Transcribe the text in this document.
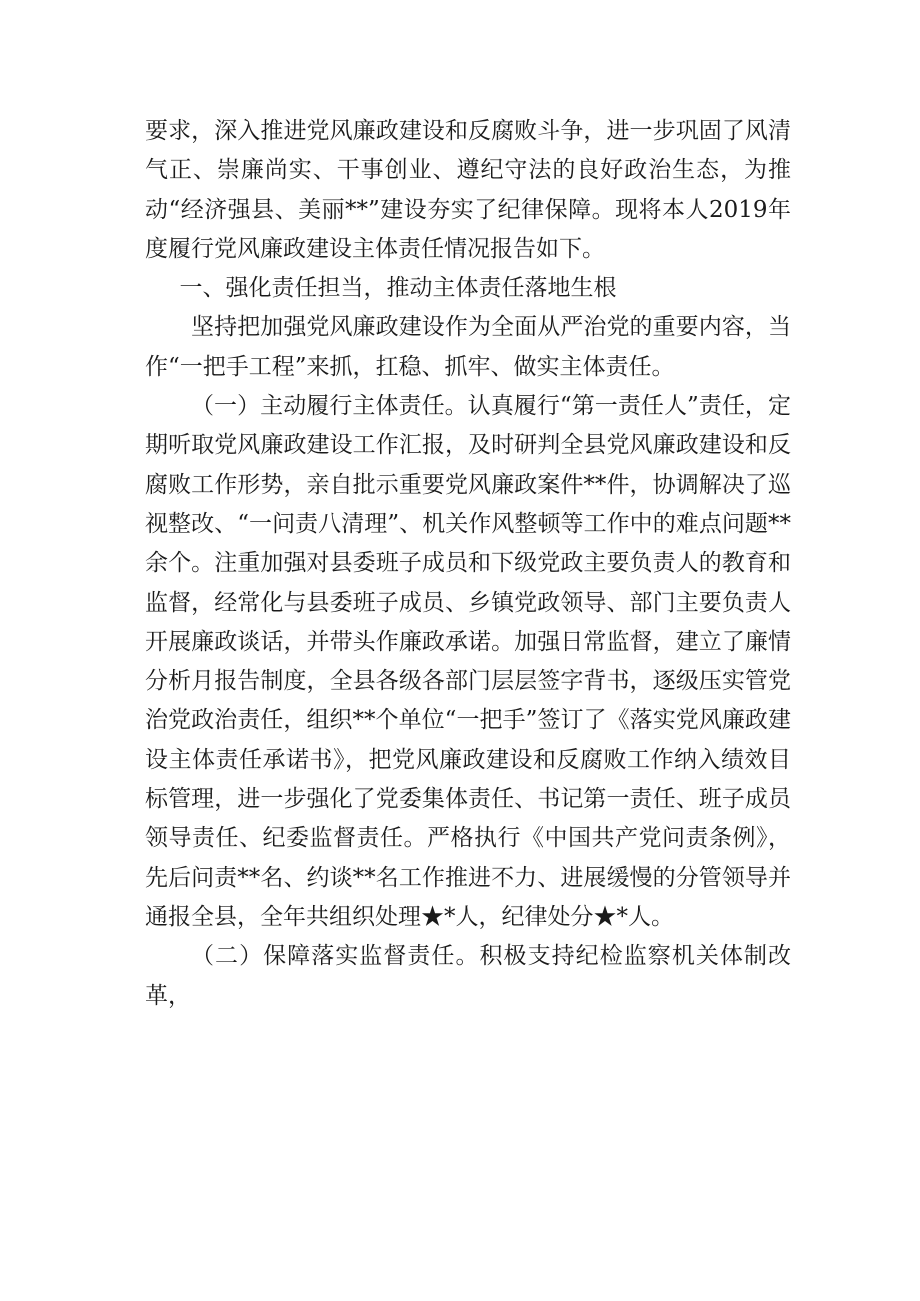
要求，深入推进党风廉政建设和反腐败斗争，进一步巩固了风清气正、崇廉尚实、干事创业、遵纪守法的良好政治生态，为推动“经济强县、美丽**”建设夯实了纪律保障。现将本人2019年度履行党风廉政建设主体责任情况报告如下。

一、强化责任担当，推动主体责任落地生根

坚持把加强党风廉政建设作为全面从严治党的重要内容，当作“一把手工程”来抓，扛稳、抓牢、做实主体责任。

（一）主动履行主体责任。认真履行“第一责任人”责任，定期听取党风廉政建设工作汇报，及时研判全县党风廉政建设和反腐败工作形势，亲自批示重要党风廉政案件**件，协调解决了巡视整改、“一问责八清理”、机关作风整顿等工作中的难点问题**余个。注重加强对县委班子成员和下级党政主要负责人的教育和监督，经常化与县委班子成员、乡镇党政领导、部门主要负责人开展廉政谈话，并带头作廉政承诺。加强日常监督，建立了廉情分析月报告制度，全县各级各部门层层签字背书，逐级压实管党治党政治责任，组织**个单位“一把手”签订了《落实党风廉政建设主体责任承诺书》，把党风廉政建设和反腐败工作纳入绩效目标管理，进一步强化了党委集体责任、书记第一责任、班子成员领导责任、纪委监督责任。严格执行《中国共产党问责条例》，先后问责**名、约谈**名工作推进不力、进展缓慢的分管领导并通报全县，全年共组织处理★*人，纪律处分★*人。

（二）保障落实监督责任。积极支持纪检监察机关体制改革，
